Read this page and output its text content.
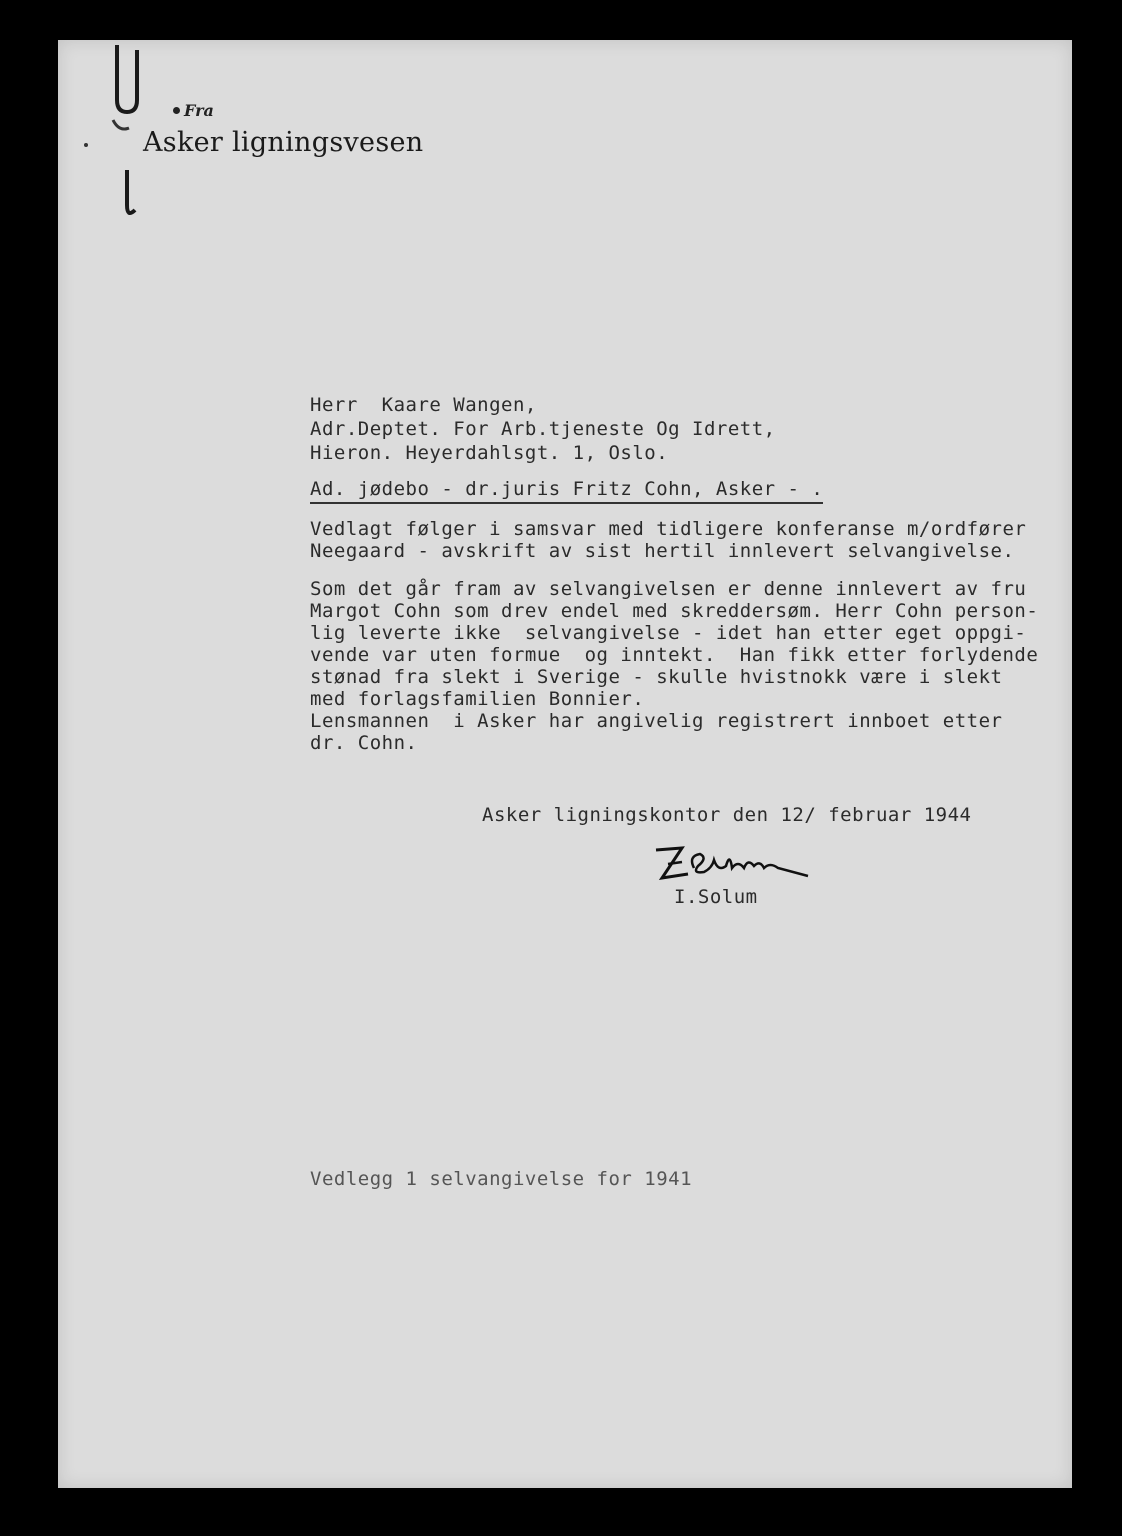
Fra
Asker ligningsvesen
Herr  Kaare Wangen,
Adr.Deptet. For Arb.tjeneste Og Idrett,
Hieron. Heyerdahlsgt. 1, Oslo.
Ad. jødebo - dr.juris Fritz Cohn, Asker - .
Vedlagt følger i samsvar med tidligere konferanse m/ordfører
Neegaard - avskrift av sist hertil innlevert selvangivelse.
Som det går fram av selvangivelsen er denne innlevert av fru
Margot Cohn som drev endel med skreddersøm. Herr Cohn person-
lig leverte ikke  selvangivelse - idet han etter eget oppgi-
vende var uten formue  og inntekt.  Han fikk etter forlydende
stønad fra slekt i Sverige - skulle hvistnokk være i slekt
med forlagsfamilien Bonnier.
Lensmannen  i Asker har angivelig registrert innboet etter
dr. Cohn.
Asker ligningskontor den 12/ februar 1944
I.Solum
Vedlegg 1 selvangivelse for 1941
